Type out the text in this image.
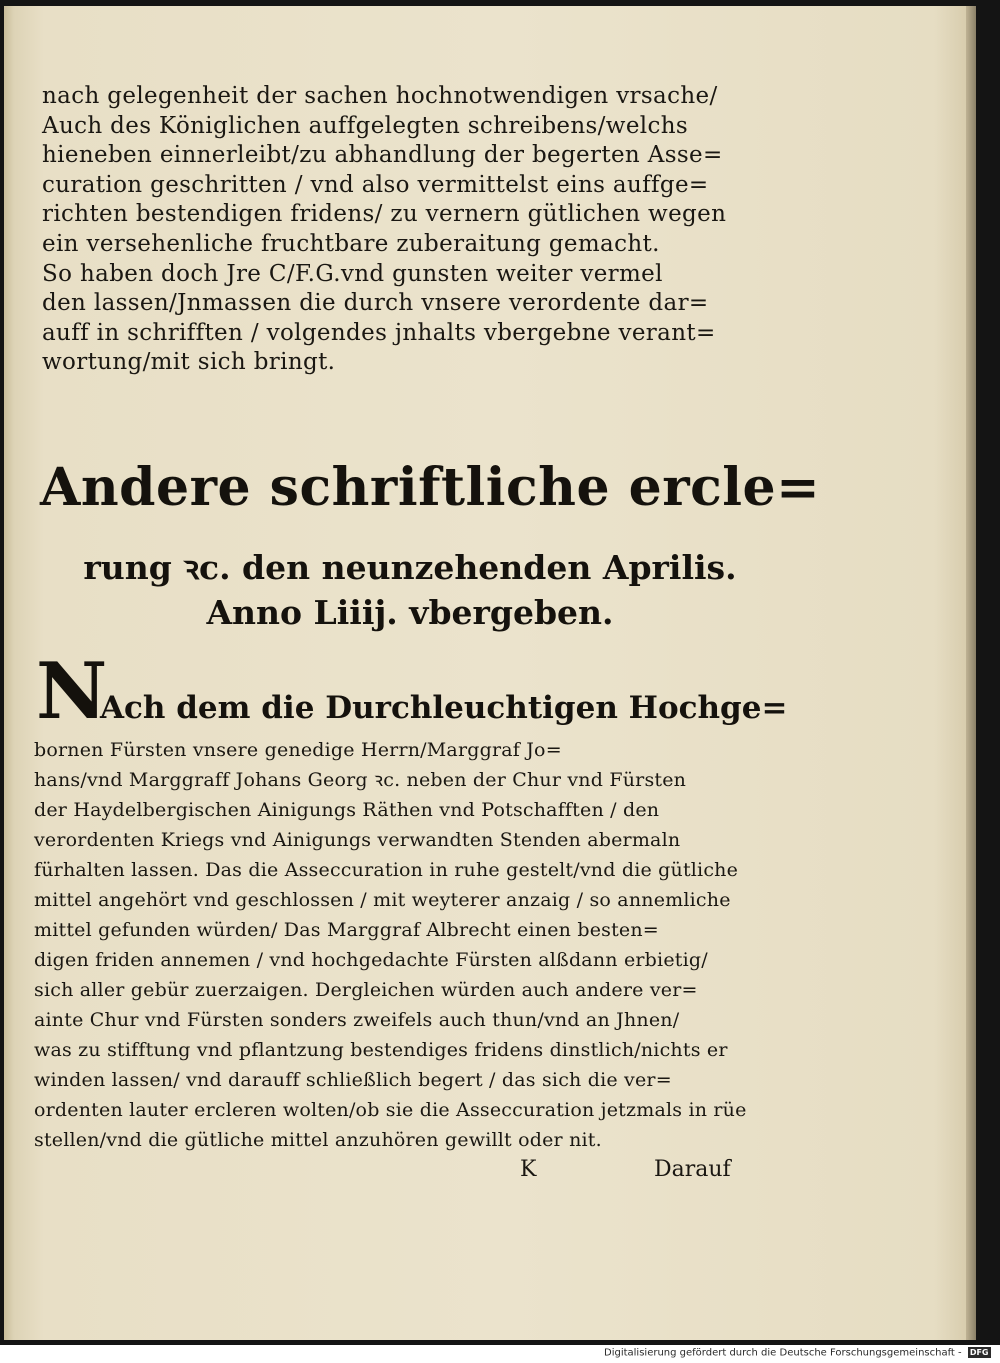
nach gelegenheit der sachen hochnotwendigen vrsache/
Auch des Königlichen auffgelegten schreibens/welchs
hieneben einnerleibt/zu abhandlung der begerten Asse=
curation geschritten / vnd also vermittelst eins auffge=
richten bestendigen fridens/ zu vernern gütlichen wegen
ein versehenliche fruchtbare zuberaitung gemacht.
So haben doch Jre C/F.G.vnd gunsten weiter vermel
den lassen/Jnmassen die durch vnsere verordente dar=
auff in schrifften / volgendes jnhalts vbergebne verant=
wortung/mit sich bringt.
Andere schriftliche ercle=
rung ꝛc. den neunzehenden Aprilis.
Anno Liiij. vbergeben.
N
Ach dem die Durchleuchtigen Hochge=
bornen Fürsten vnsere genedige Herrn/Marggraf Jo=
hans/vnd Marggraff Johans Georg ꝛc. neben der Chur vnd Fürsten
der Haydelbergischen Ainigungs Räthen vnd Potschafften / den
verordenten Kriegs vnd Ainigungs verwandten Stenden abermaln
fürhalten lassen. Das die Asseccuration in ruhe gestelt/vnd die gütliche
mittel angehört vnd geschlossen / mit weyterer anzaig / so annemliche
mittel gefunden würden/ Das Marggraf Albrecht einen besten=
digen friden annemen / vnd hochgedachte Fürsten alßdann erbietig/
sich aller gebür zuerzaigen. Dergleichen würden auch andere ver=
ainte Chur vnd Fürsten sonders zweifels auch thun/vnd an Jhnen/
was zu stifftung vnd pflantzung bestendiges fridens dinstlich/nichts er
winden lassen/ vnd darauff schließlich begert / das sich die ver=
ordenten lauter ercleren wolten/ob sie die Asseccuration jetzmals in rüe
stellen/vnd die gütliche mittel anzuhören gewillt oder nit.
K	Darauf
Digitalisierung gefördert durch die Deutsche Forschungsgemeinschaft - DFG
